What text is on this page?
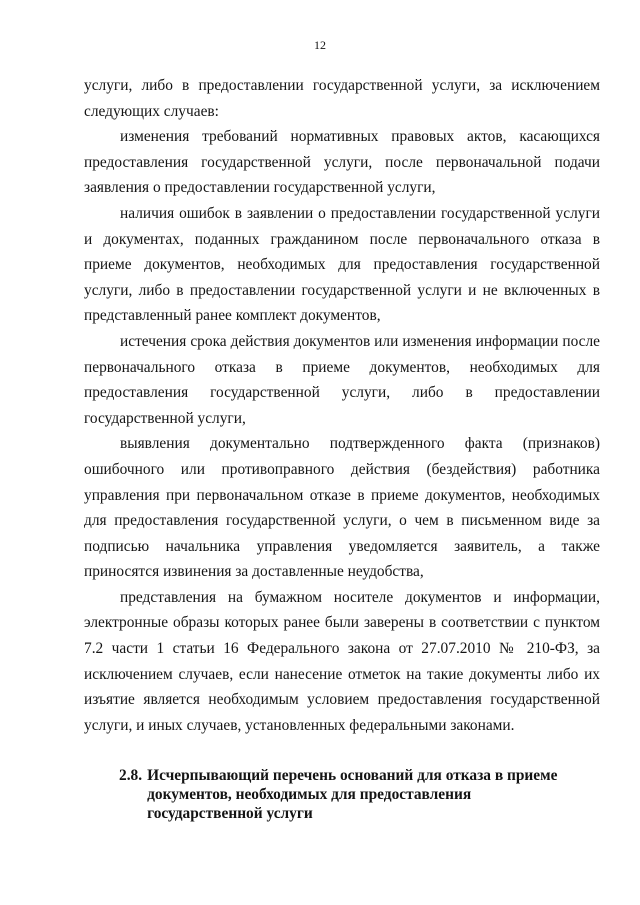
12

услуги, либо в предоставлении государственной услуги, за исключением следующих случаев:

изменения требований нормативных правовых актов, касающихся предоставления государственной услуги, после первоначальной подачи заявления о предоставлении государственной услуги,

наличия ошибок в заявлении о предоставлении государственной услуги и документах, поданных гражданином после первоначального отказа в приеме документов, необходимых для предоставления государственной услуги, либо в предоставлении государственной услуги и не включенных в представленный ранее комплект документов,

истечения срока действия документов или изменения информации после первоначального отказа в приеме документов, необходимых для предоставления государственной услуги, либо в предоставлении государственной услуги,

выявления документально подтвержденного факта (признаков) ошибочного или противоправного действия (бездействия) работника управления при первоначальном отказе в приеме документов, необходимых для предоставления государственной услуги, о чем в письменном виде за подписью начальника управления уведомляется заявитель, а также приносятся извинения за доставленные неудобства,

представления на бумажном носителе документов и информации, электронные образы которых ранее были заверены в соответствии с пунктом 7.2 части 1 статьи 16 Федерального закона от 27.07.2010 № 210-ФЗ, за исключением случаев, если нанесение отметок на такие документы либо их изъятие является необходимым условием предоставления государственной услуги, и иных случаев, установленных федеральными законами.

2.8. Исчерпывающий перечень оснований для отказа в приеме документов, необходимых для предоставления государственной услуги
